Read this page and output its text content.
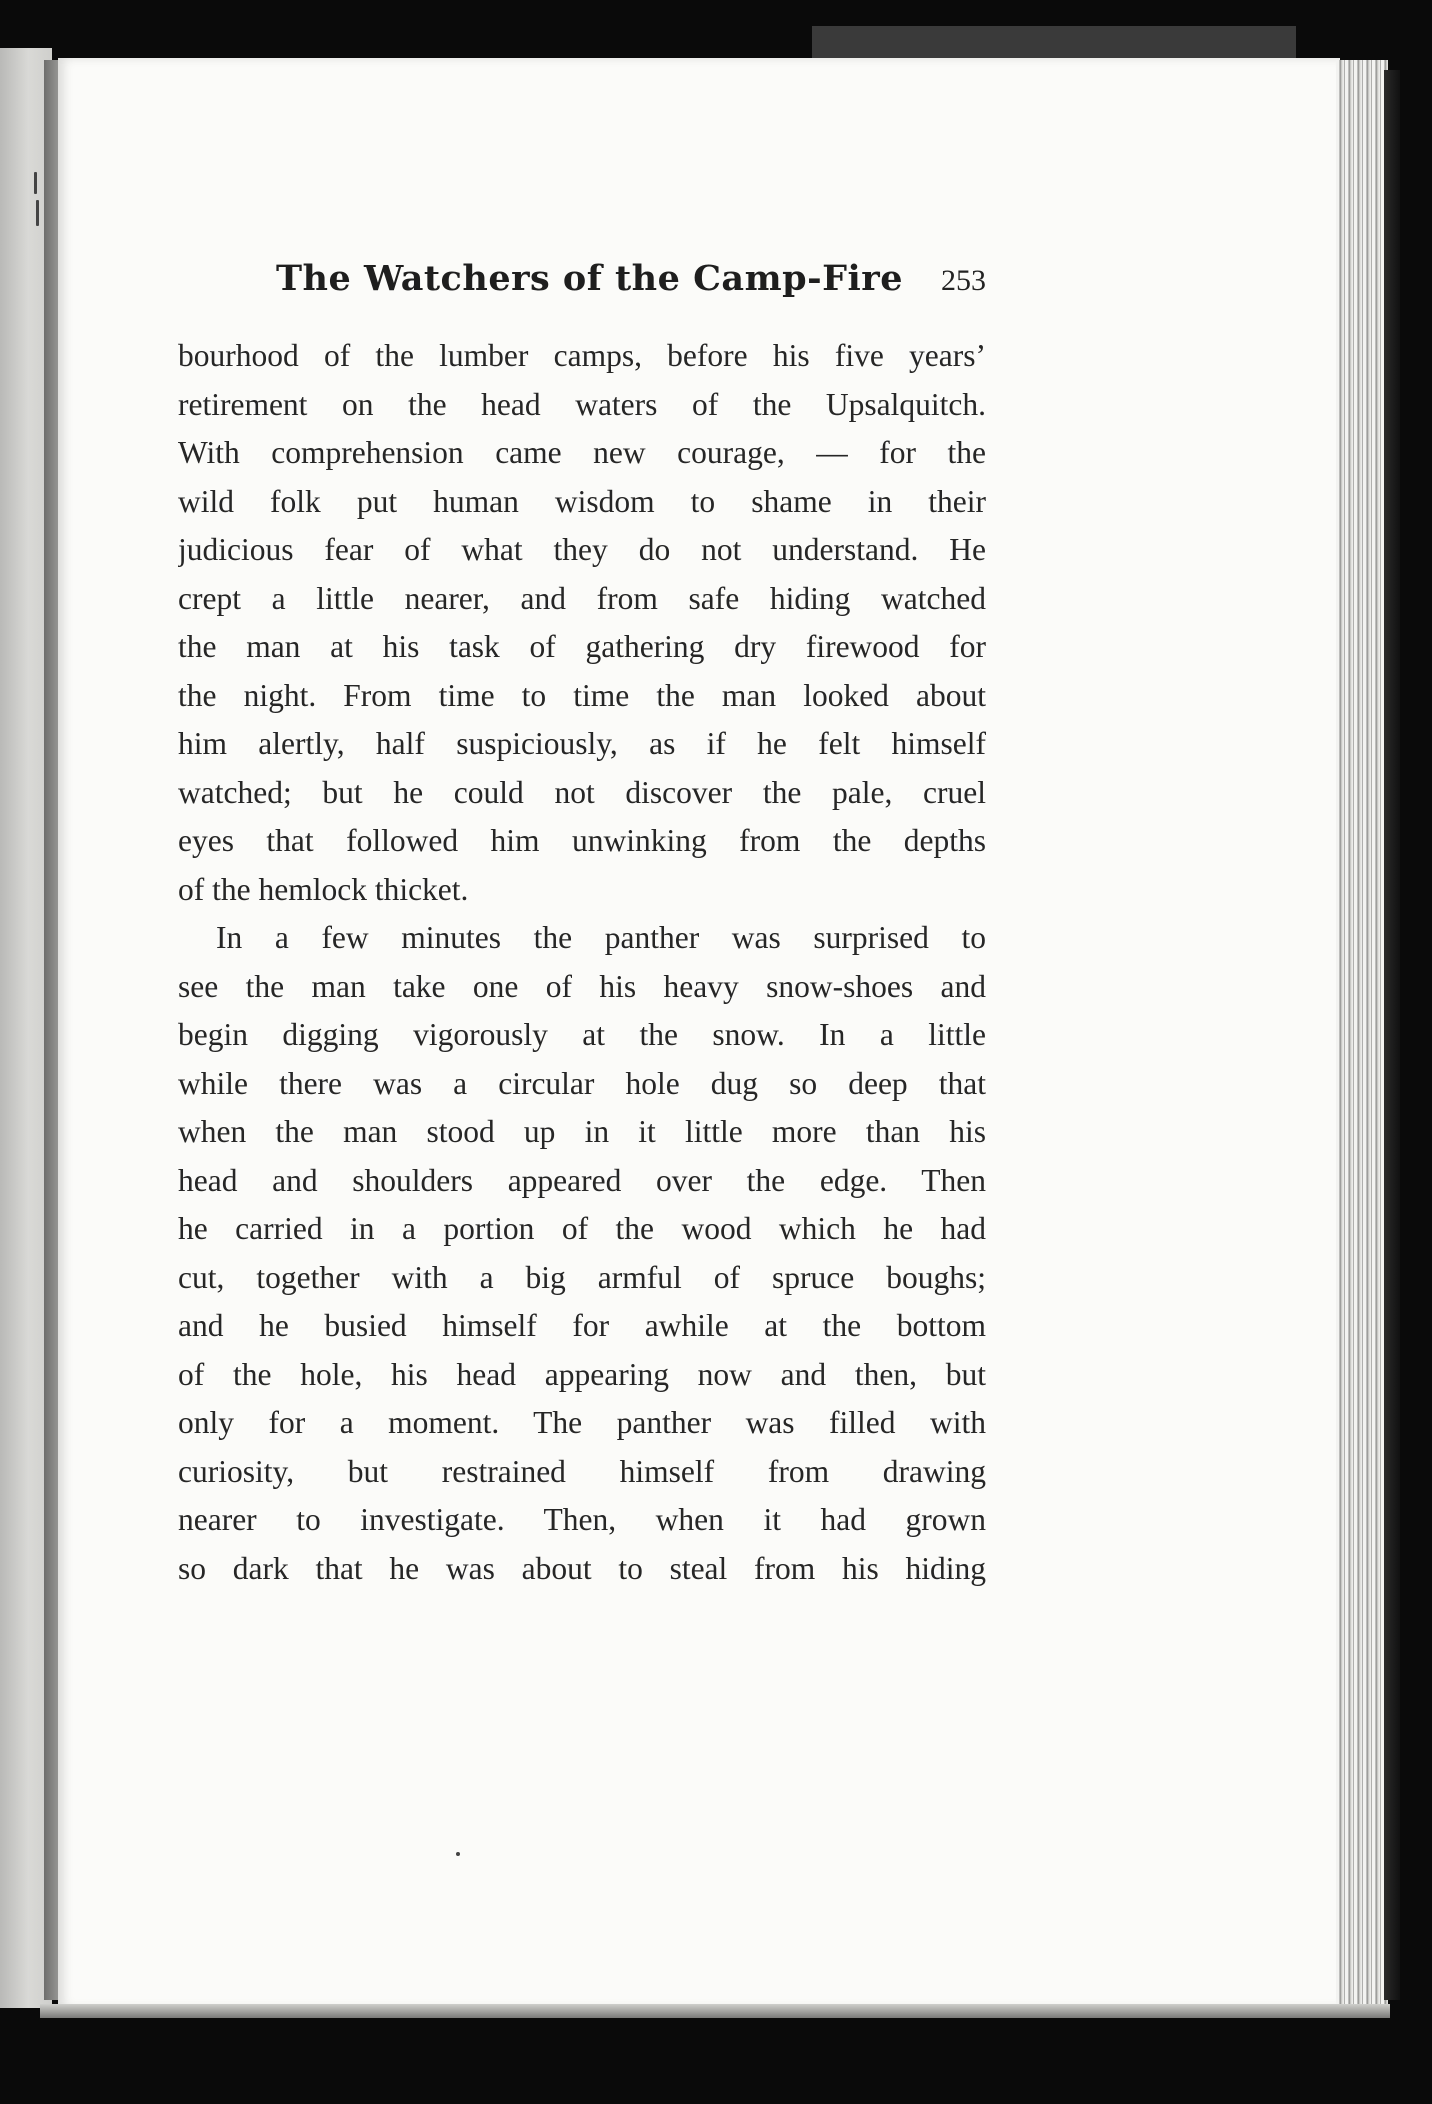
The Watchers of the Camp-Fire 253
bourhood of the lumber camps, before his five years’
retirement on the head waters of the Upsalquitch.
With comprehension came new courage, — for the
wild folk put human wisdom to shame in their
judicious fear of what they do not understand. He
crept a little nearer, and from safe hiding watched
the man at his task of gathering dry firewood for
the night. From time to time the man looked about
him alertly, half suspiciously, as if he felt himself
watched; but he could not discover the pale, cruel
eyes that followed him unwinking from the depths
of the hemlock thicket.
In a few minutes the panther was surprised to
see the man take one of his heavy snow-shoes and
begin digging vigorously at the snow. In a little
while there was a circular hole dug so deep that
when the man stood up in it little more than his
head and shoulders appeared over the edge. Then
he carried in a portion of the wood which he had
cut, together with a big armful of spruce boughs;
and he busied himself for awhile at the bottom
of the hole, his head appearing now and then, but
only for a moment. The panther was filled with
curiosity, but restrained himself from drawing
nearer to investigate. Then, when it had grown
so dark that he was about to steal from his hiding
